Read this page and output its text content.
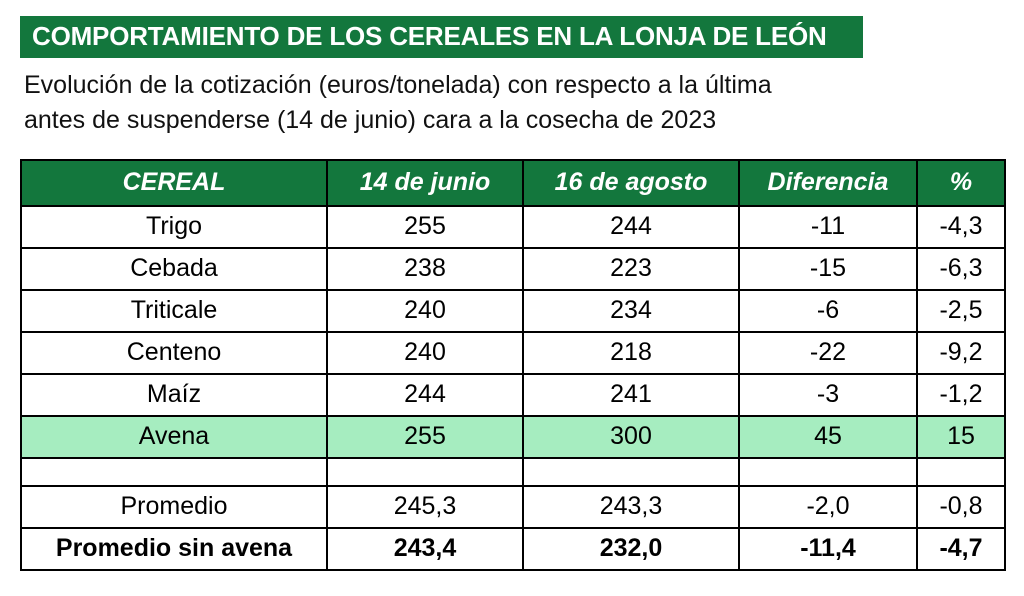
COMPORTAMIENTO DE LOS CEREALES EN LA LONJA DE LEÓN
Evolución de la cotización (euros/tonelada) con respecto a la última
antes de suspenderse (14 de junio) cara a la cosecha de 2023
CEREAL	14 de junio	16 de agosto	Diferencia	%
Trigo	255	244	-11	-4,3
Cebada	238	223	-15	-6,3
Triticale	240	234	-6	-2,5
Centeno	240	218	-22	-9,2
Maíz	244	241	-3	-1,2
Avena	255	300	45	15

Promedio	245,3	243,3	-2,0	-0,8
Promedio sin avena	243,4	232,0	-11,4	-4,7
